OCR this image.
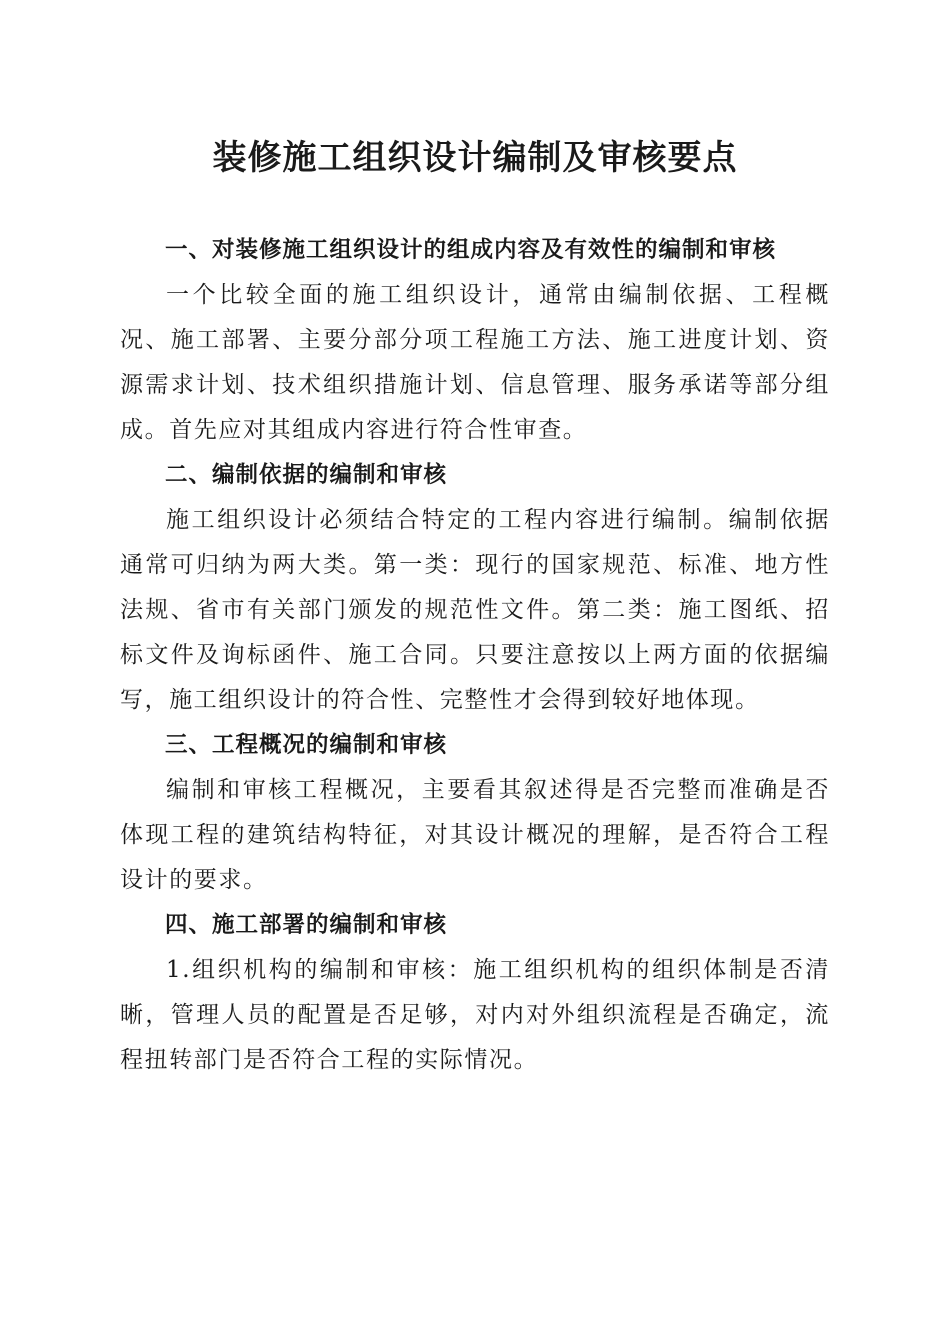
装修施工组织设计编制及审核要点

一、对装修施工组织设计的组成内容及有效性的编制和审核

一个比较全面的施工组织设计，通常由编制依据、工程概况、施工部署、主要分部分项工程施工方法、施工进度计划、资源需求计划、技术组织措施计划、信息管理、服务承诺等部分组成。首先应对其组成内容进行符合性审查。

二、编制依据的编制和审核

施工组织设计必须结合特定的工程内容进行编制。编制依据通常可归纳为两大类。第一类：现行的国家规范、标准、地方性法规、省市有关部门颁发的规范性文件。第二类：施工图纸、招标文件及询标函件、施工合同。只要注意按以上两方面的依据编写，施工组织设计的符合性、完整性才会得到较好地体现。

三、工程概况的编制和审核

编制和审核工程概况，主要看其叙述得是否完整而准确是否体现工程的建筑结构特征，对其设计概况的理解，是否符合工程设计的要求。

四、施工部署的编制和审核

1.组织机构的编制和审核：施工组织机构的组织体制是否清晰，管理人员的配置是否足够，对内对外组织流程是否确定，流程扭转部门是否符合工程的实际情况。
